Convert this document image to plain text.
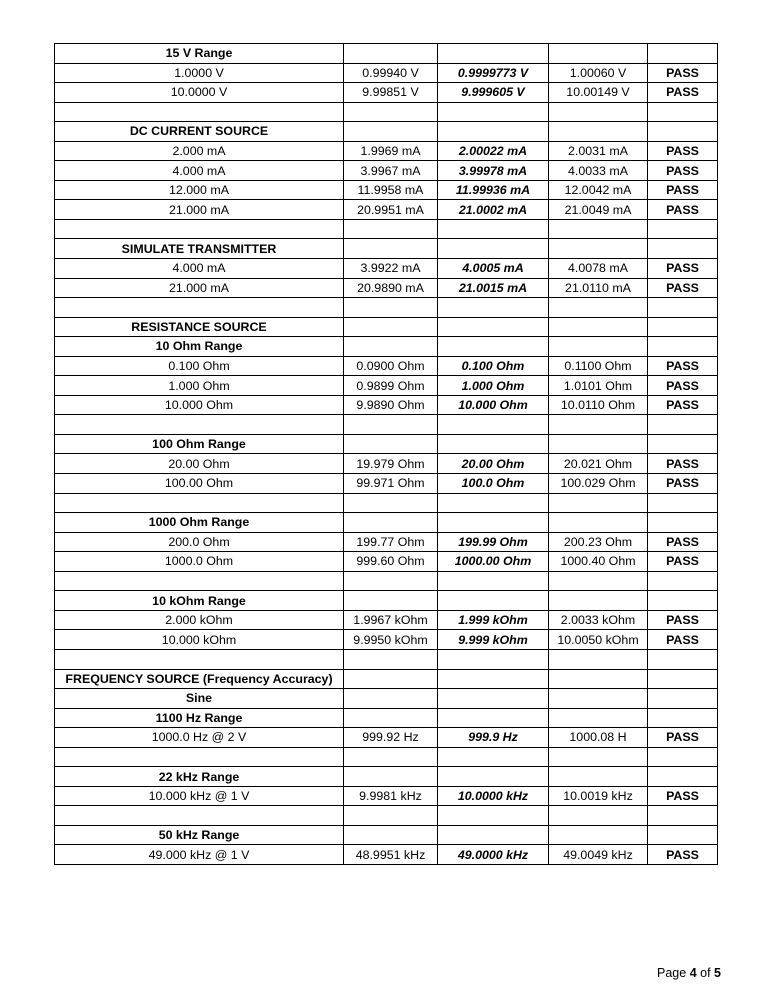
15 V Range				
1.0000 V	0.99940 V	0.9999773 V	1.00060 V	PASS
10.0000 V	9.99851 V	9.999605 V	10.00149 V	PASS

DC CURRENT SOURCE				
2.000 mA	1.9969 mA	2.00022 mA	2.0031 mA	PASS
4.000 mA	3.9967 mA	3.99978 mA	4.0033 mA	PASS
12.000 mA	11.9958 mA	11.99936 mA	12.0042 mA	PASS
21.000 mA	20.9951 mA	21.0002 mA	21.0049 mA	PASS

SIMULATE TRANSMITTER				
4.000 mA	3.9922 mA	4.0005 mA	4.0078 mA	PASS
21.000 mA	20.9890 mA	21.0015 mA	21.0110 mA	PASS

RESISTANCE SOURCE				
10 Ohm Range				
0.100 Ohm	0.0900 Ohm	0.100 Ohm	0.1100 Ohm	PASS
1.000 Ohm	0.9899 Ohm	1.000 Ohm	1.0101 Ohm	PASS
10.000 Ohm	9.9890 Ohm	10.000 Ohm	10.0110 Ohm	PASS

100 Ohm Range				
20.00 Ohm	19.979 Ohm	20.00 Ohm	20.021 Ohm	PASS
100.00 Ohm	99.971 Ohm	100.0 Ohm	100.029 Ohm	PASS

1000 Ohm Range				
200.0 Ohm	199.77 Ohm	199.99 Ohm	200.23 Ohm	PASS
1000.0 Ohm	999.60 Ohm	1000.00 Ohm	1000.40 Ohm	PASS

10 kOhm Range				
2.000 kOhm	1.9967 kOhm	1.999 kOhm	2.0033 kOhm	PASS
10.000 kOhm	9.9950 kOhm	9.999 kOhm	10.0050 kOhm	PASS

FREQUENCY SOURCE (Frequency Accuracy)				
Sine				
1100 Hz Range				
1000.0 Hz @ 2 V	999.92 Hz	999.9 Hz	1000.08 H	PASS

22 kHz Range				
10.000 kHz @ 1 V	9.9981 kHz	10.0000 kHz	10.0019 kHz	PASS

50 kHz Range				
49.000 kHz @ 1 V	48.9951 kHz	49.0000 kHz	49.0049 kHz	PASS
Page 4 of 5
